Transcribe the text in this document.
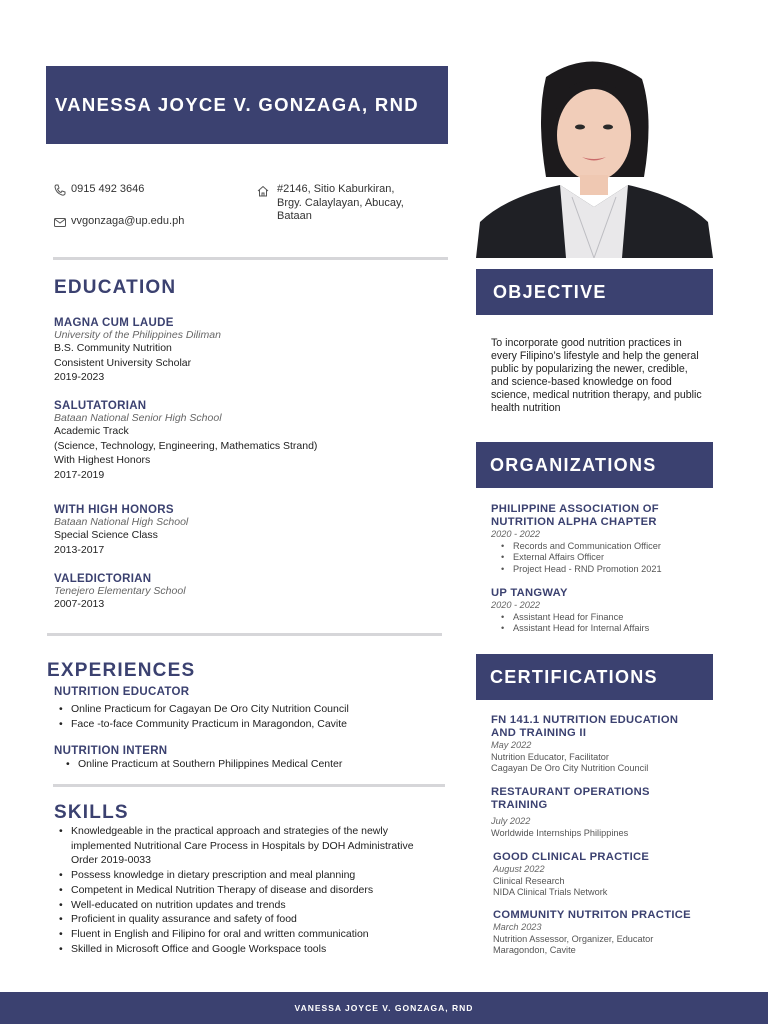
VANESSA JOYCE V. GONZAGA, RND
0915 492 3646
vvgonzaga@up.edu.ph
#2146, Sitio Kaburkiran,
Brgy. Calaylayan, Abucay,
Bataan
EDUCATION
MAGNA CUM LAUDE
University of the Philippines Diliman
B.S. Community Nutrition
Consistent University Scholar
2019-2023
SALUTATORIAN
Bataan National Senior High School
Academic Track
(Science, Technology, Engineering, Mathematics Strand)
With Highest Honors
2017-2019
WITH HIGH HONORS
Bataan National High School
Special Science Class
2013-2017
VALEDICTORIAN
Tenejero Elementary School
2007-2013
EXPERIENCES
NUTRITION EDUCATOR
• Online Practicum for Cagayan De Oro City Nutrition Council
• Face -to-face Community Practicum in Maragondon, Cavite
NUTRITION INTERN
• Online Practicum at Southern Philippines Medical Center
SKILLS
• Knowledgeable in the practical approach and strategies of the newly implemented Nutritional Care Process in Hospitals by DOH Administrative Order 2019-0033
• Possess knowledge in dietary prescription and meal planning
• Competent in Medical Nutrition Therapy of disease and disorders
• Well-educated on nutrition updates and trends
• Proficient in quality assurance and safety of food
• Fluent in English and Filipino for oral and written communication
• Skilled in Microsoft Office and Google Workspace tools
OBJECTIVE
To incorporate good nutrition practices in every Filipino’s lifestyle and help the general public by popularizing the newer, credible, and science-based knowledge on food science, medical nutrition therapy, and public health nutrition
ORGANIZATIONS
PHILIPPINE ASSOCIATION OF NUTRITION ALPHA CHAPTER
2020 - 2022
• Records and Communication Officer
• External Affairs Officer
• Project Head - RND Promotion 2021
UP TANGWAY
2020 - 2022
• Assistant Head for Finance
• Assistant Head for Internal Affairs
CERTIFICATIONS
FN 141.1 NUTRITION EDUCATION AND TRAINING II
May 2022
Nutrition Educator, Facilitator
Cagayan De Oro City Nutrition Council
RESTAURANT OPERATIONS TRAINING
July 2022
Worldwide Internships Philippines
GOOD CLINICAL PRACTICE
August 2022
Clinical Research
NIDA Clinical Trials Network
COMMUNITY NUTRITON PRACTICE
March 2023
Nutrition Assessor, Organizer, Educator
Maragondon, Cavite
VANESSA JOYCE V. GONZAGA, RND
